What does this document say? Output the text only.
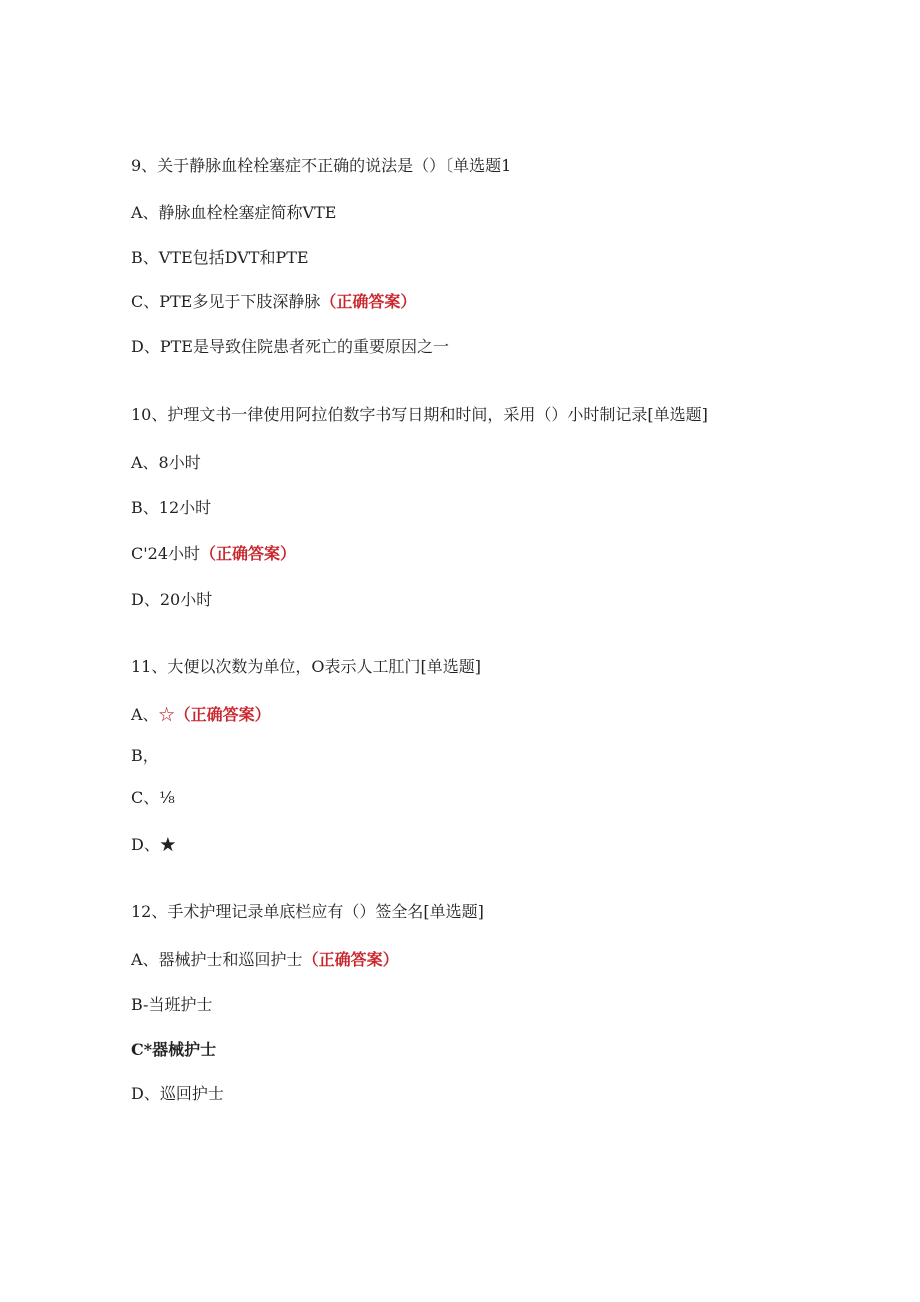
9、关于静脉血栓栓塞症不正确的说法是（）〔单选题1
A、静脉血栓栓塞症简称VTE
B、VTE包括DVT和PTE
C、PTE多见于下肢深静脉（正确答案）
D、PTE是导致住院患者死亡的重要原因之一
10、护理文书一律使用阿拉伯数字书写日期和时间，采用（）小时制记录[单选题]
A、8小时
B、12小时
C'24小时（正确答案）
D、20小时
11、大便以次数为单位，O表示人工肛门[单选题]
A、☆（正确答案）
B，
C、⅛
D、★
12、手术护理记录单底栏应有（）签全名[单选题]
A、器械护士和巡回护士（正确答案）
B-当班护士
C*器械护士
D、巡回护士
